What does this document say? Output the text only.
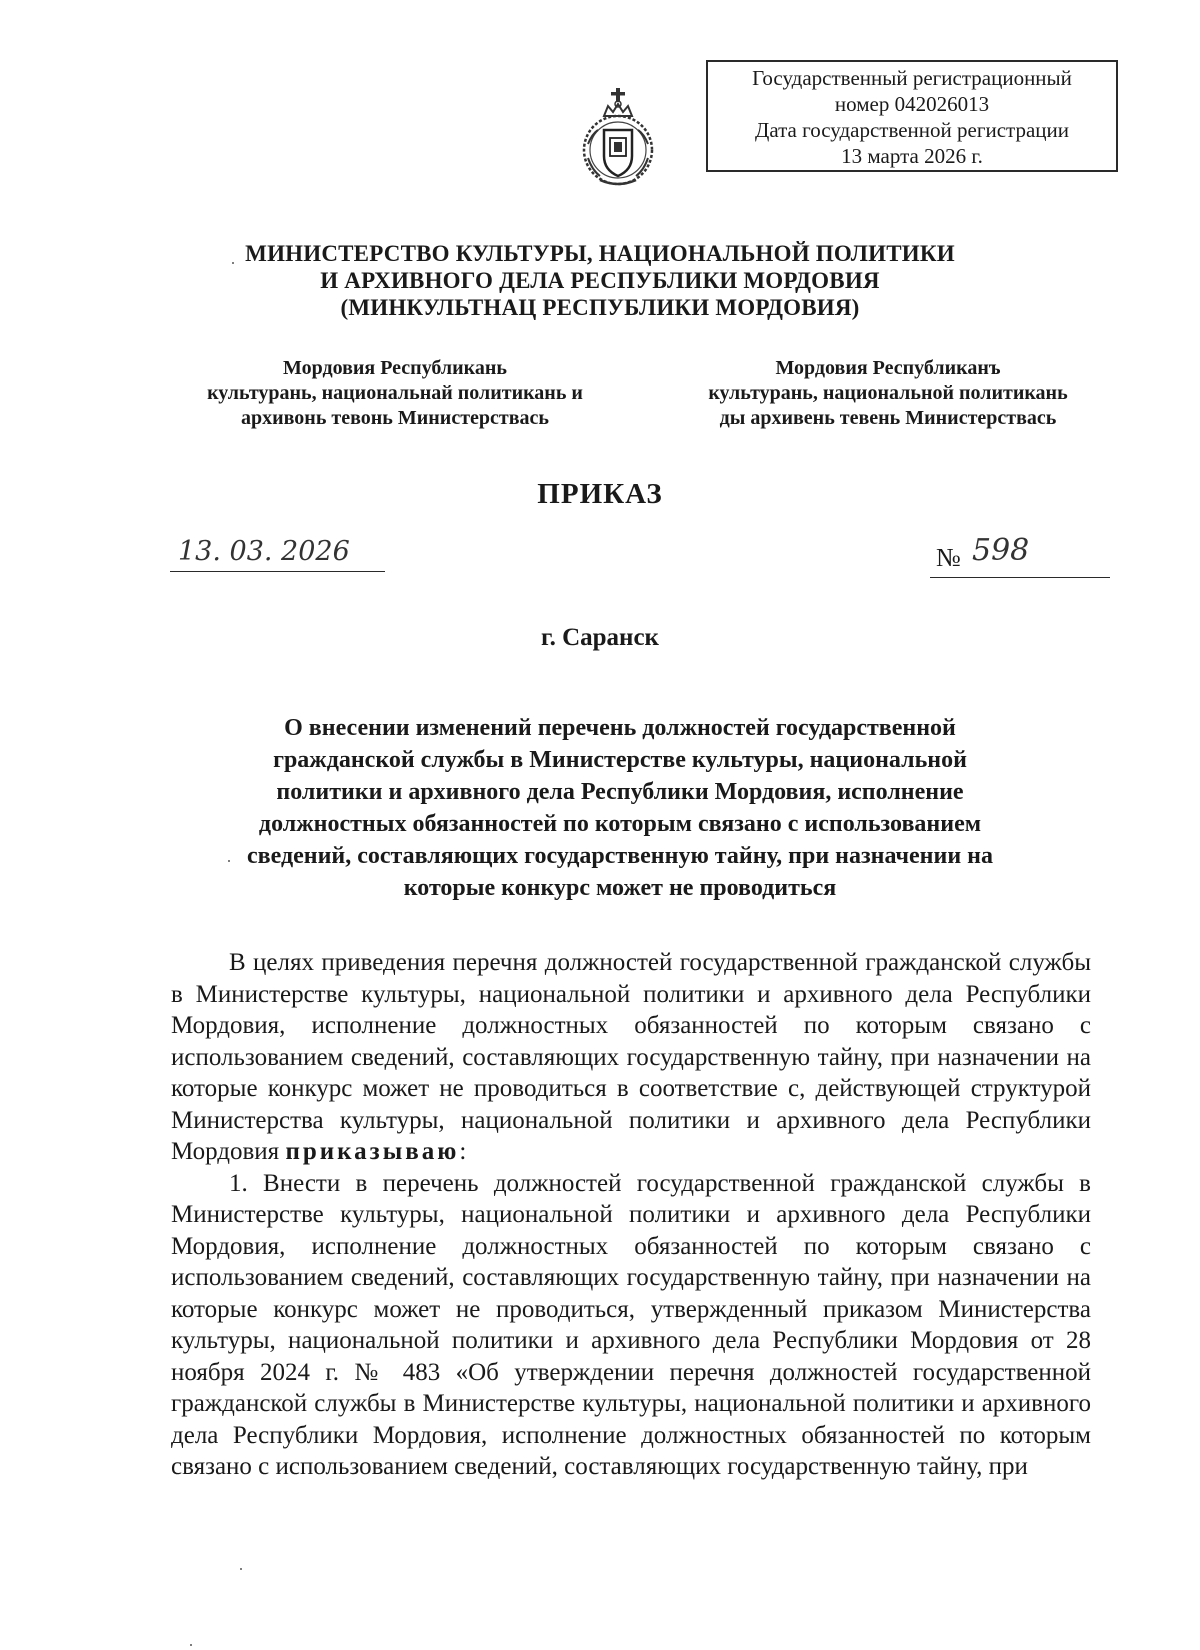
Государственный регистрационный
номер 042026013
Дата государственной регистрации
13 марта 2026 г.
МИНИСТЕРСТВО КУЛЬТУРЫ, НАЦИОНАЛЬНОЙ ПОЛИТИКИ
И АРХИВНОГО ДЕЛА РЕСПУБЛИКИ МОРДОВИЯ
(МИНКУЛЬТНАЦ РЕСПУБЛИКИ МОРДОВИЯ)
Мордовия Республикань
культурань, национальнай политикань и
архивонь тевонь Министерствась
Мордовия Республиканъ
культурань, национальной политикань
ды архивень тевень Министерствась
ПРИКАЗ
13. 03. 2026	№ 598
г. Саранск
О внесении изменений перечень должностей государственной
гражданской службы в Министерстве культуры, национальной
политики и архивного дела Республики Мордовия, исполнение
должностных обязанностей по которым связано с использованием
сведений, составляющих государственную тайну, при назначении на
которые конкурс может не проводиться

В целях приведения перечня должностей государственной гражданской службы в Министерстве культуры, национальной политики и архивного дела Республики Мордовия, исполнение должностных обязанностей по которым связано с использованием сведений, составляющих государственную тайну, при назначении на которые конкурс может не проводиться в соответствие с, действующей структурой Министерства культуры, национальной политики и архивного дела Республики Мордовия приказываю:

1. Внести в перечень должностей государственной гражданской службы в Министерстве культуры, национальной политики и архивного дела Республики Мордовия, исполнение должностных обязанностей по которым связано с использованием сведений, составляющих государственную тайну, при назначении на которые конкурс может не проводиться, утвержденный приказом Министерства культуры, национальной политики и архивного дела Республики Мордовия от 28 ноября 2024 г. № 483 «Об утверждении перечня должностей государственной гражданской службы в Министерстве культуры, национальной политики и архивного дела Республики Мордовия, исполнение должностных обязанностей по которым связано с использованием сведений, составляющих государственную тайну, при
